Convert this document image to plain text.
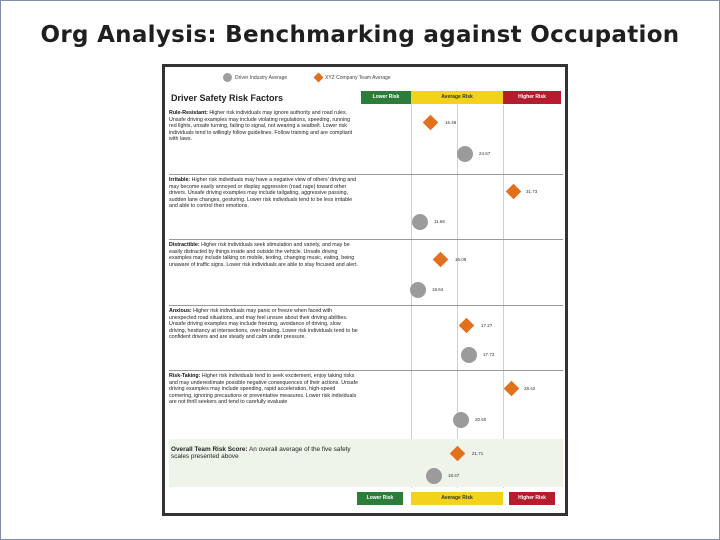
Org Analysis: Benchmarking against Occupation
Driver Industry Average	XYZ Company Team Average
Driver Safety Risk Factors	Lower Risk	Average Risk	Higher Risk
Rule-Resistant: Higher risk individuals may ignore authority and road rules. Unsafe driving examples may include violating regulations, speeding, running red lights, unsafe turning, failing to signal, not wearing a seatbelt. Lower risk individuals tend to willingly follow guidelines. Follow training and are compliant with laws.
Irritable: Higher risk individuals may have a negative view of others' driving and may become easily annoyed or display aggression (road rage) toward other drivers. Unsafe driving examples may include tailgating, aggressive passing, sudden lane changes, gesturing. Lower risk individuals tend to be less irritable and able to control their emotions.
Distractible: Higher risk individuals seek stimulation and variety, and may be easily distracted by things inside and outside the vehicle. Unsafe driving examples may include talking on mobile, texting, changing music, eating, being unaware of traffic signs. Lower risk individuals are able to stay focused and alert.
Anxious: Higher risk individuals may panic or freeze when faced with unexpected road situations, and may feel unsure about their driving abilities. Unsafe driving examples may include freezing, avoidance of driving, slow driving, hesitancy at intersections, over-braking. Lower risk individuals tend to be confident drivers and are steady and calm under pressure.
Risk-Taking: Higher risk individuals tend to seek excitement, enjoy taking risks and may underestimate possible negative consequences of their actions. Unsafe driving examples may include speeding, rapid acceleration, high-speed cornering, ignoring precautions or preventative measures. Lower risk individuals are not thrill seekers and tend to carefully evaluate
Overall Team Risk Score: An overall average of the five safety scales presented above
16.48
24.57
31.73
11.66
16.09
18.64
17.27
17.73
28.42
20.60
21.71
18.47
Lower Risk	Average Risk	Higher Risk
